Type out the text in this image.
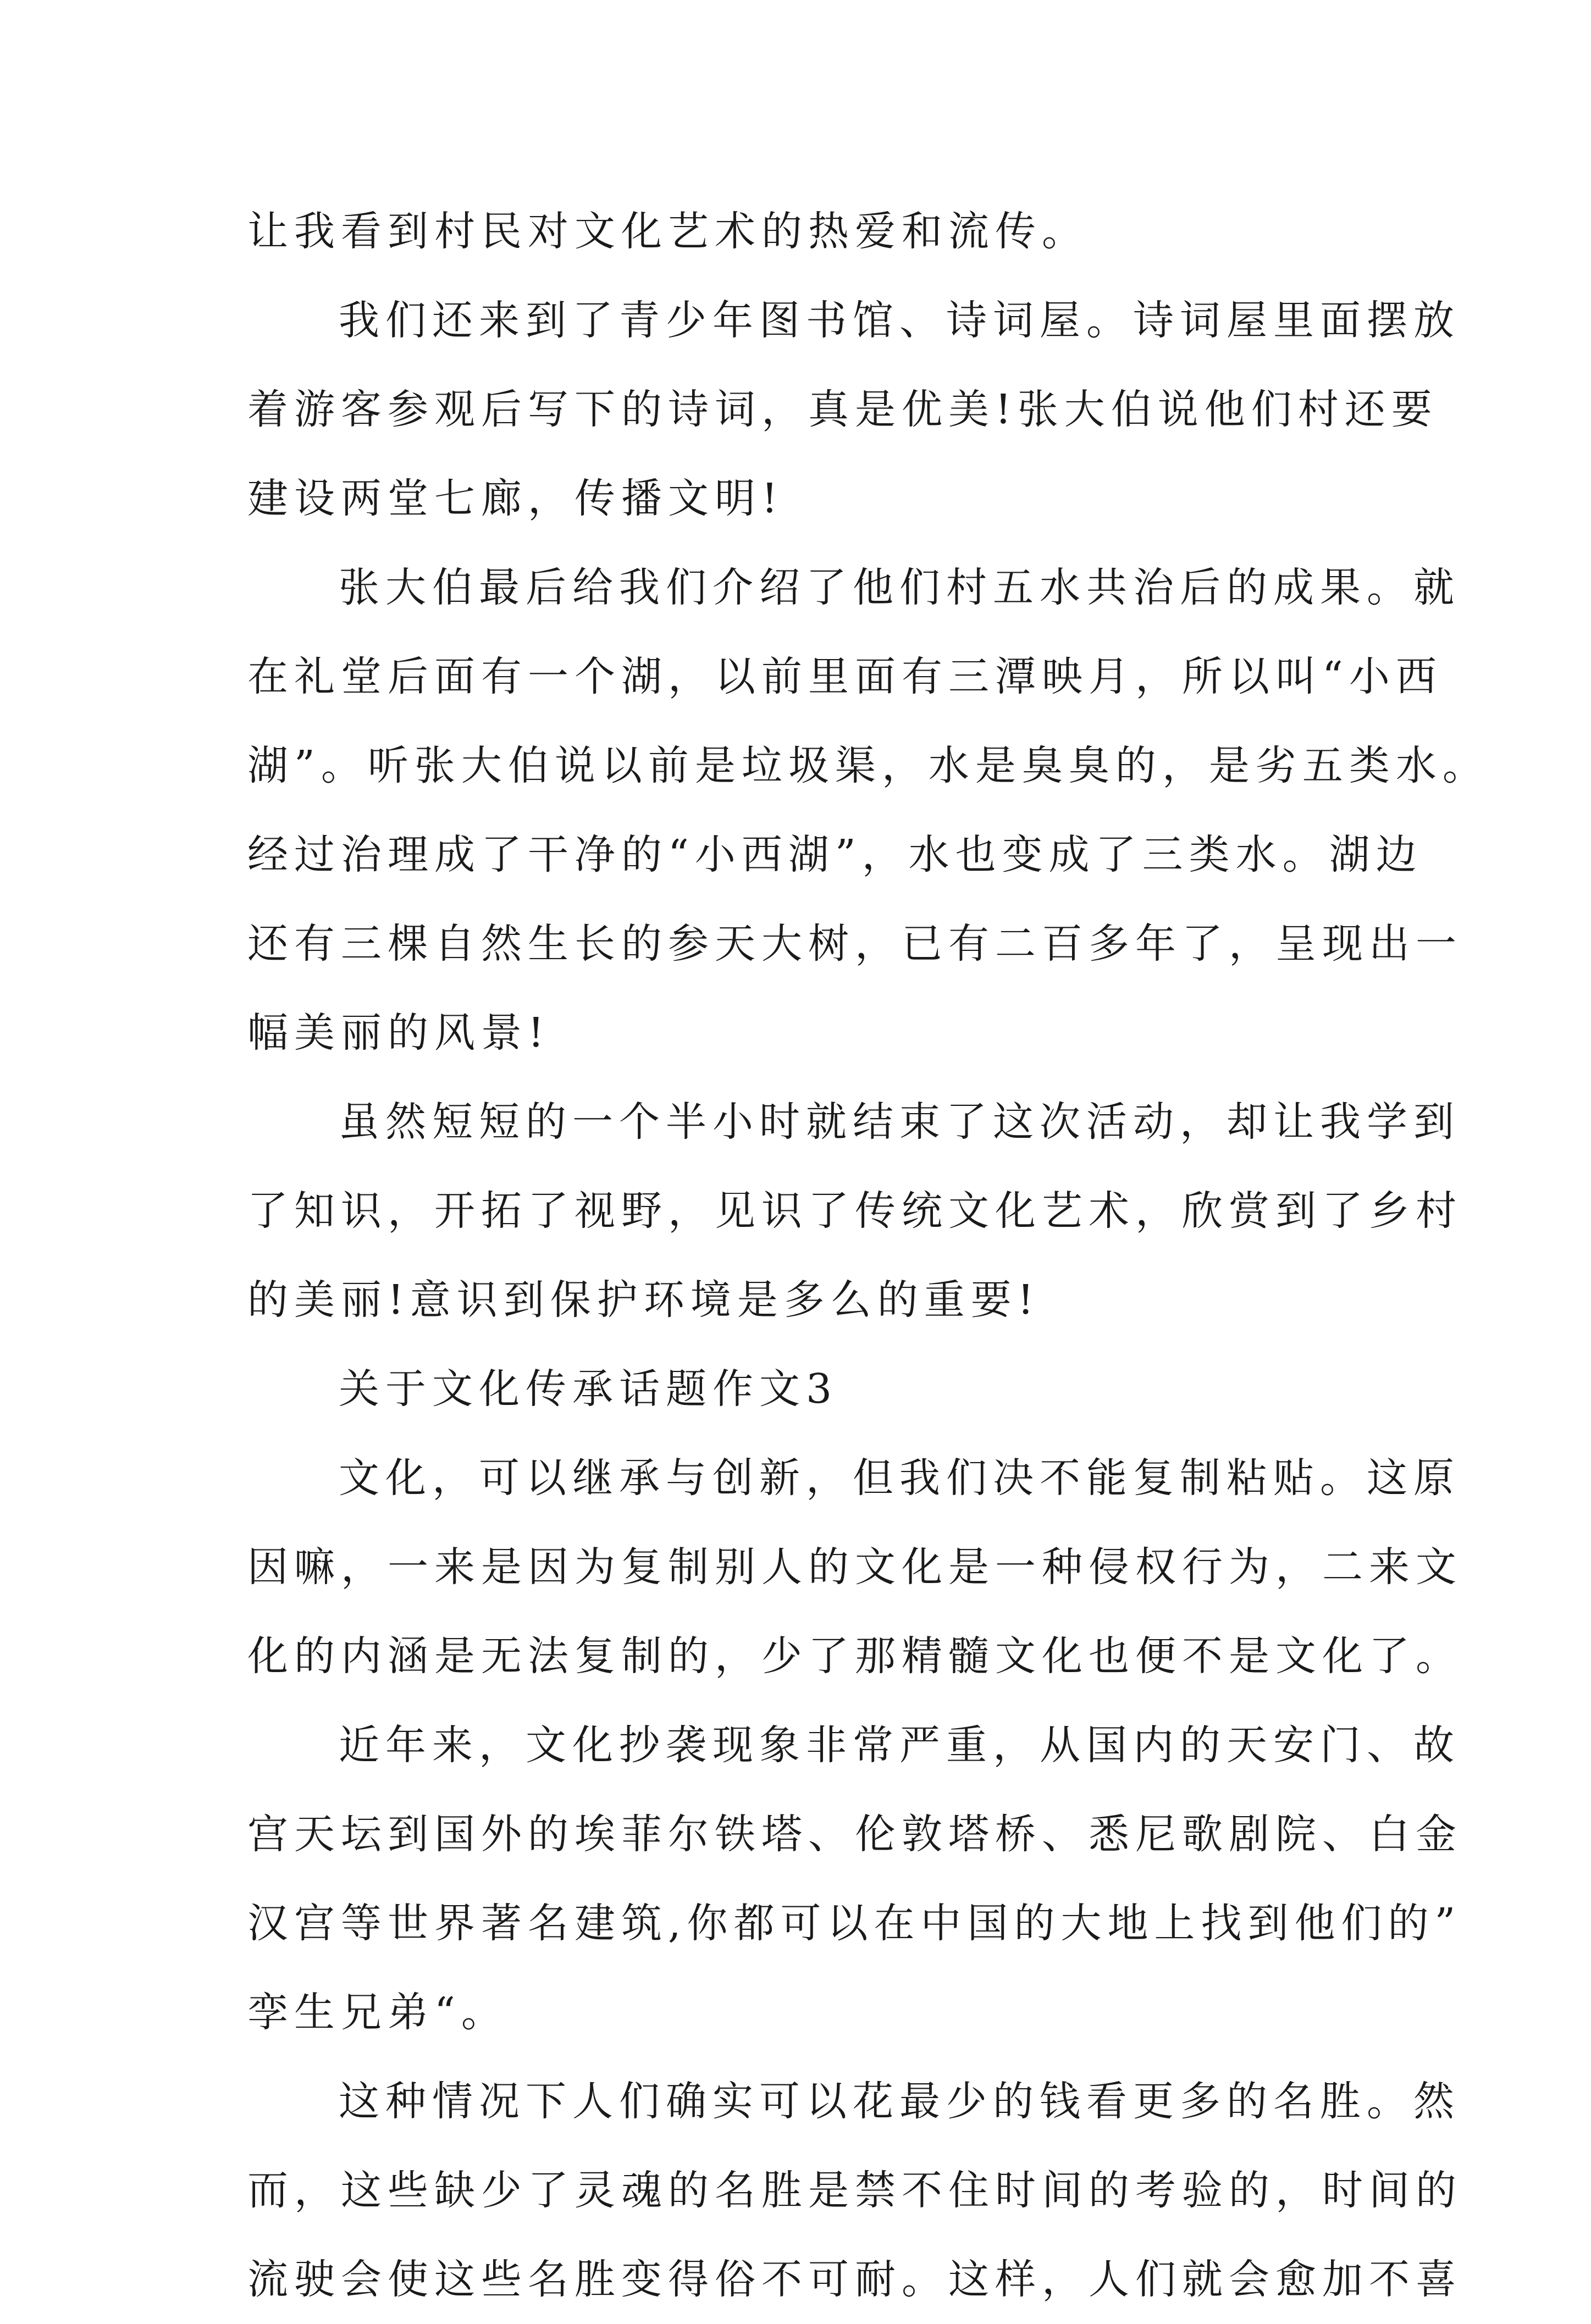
让我看到村民对文化艺术的热爱和流传。
我们还来到了青少年图书馆、诗词屋。诗词屋里面摆放
着游客参观后写下的诗词，真是优美!张大伯说他们村还要
建设两堂七廊，传播文明!
张大伯最后给我们介绍了他们村五水共治后的成果。就
在礼堂后面有一个湖，以前里面有三潭映月，所以叫“小西
湖”。听张大伯说以前是垃圾渠，水是臭臭的，是劣五类水。
经过治理成了干净的“小西湖”，水也变成了三类水。湖边
还有三棵自然生长的参天大树，已有二百多年了，呈现出一
幅美丽的风景!
虽然短短的一个半小时就结束了这次活动，却让我学到
了知识，开拓了视野，见识了传统文化艺术，欣赏到了乡村
的美丽!意识到保护环境是多么的重要!
关于文化传承话题作文3
文化，可以继承与创新，但我们决不能复制粘贴。这原
因嘛，一来是因为复制别人的文化是一种侵权行为，二来文
化的内涵是无法复制的，少了那精髓文化也便不是文化了。
近年来，文化抄袭现象非常严重，从国内的天安门、故
宫天坛到国外的埃菲尔铁塔、伦敦塔桥、悉尼歌剧院、白金
汉宫等世界著名建筑,你都可以在中国的大地上找到他们的”
孪生兄弟“。
这种情况下人们确实可以花最少的钱看更多的名胜。然
而，这些缺少了灵魂的名胜是禁不住时间的考验的，时间的
流驶会使这些名胜变得俗不可耐。这样，人们就会愈加不喜
